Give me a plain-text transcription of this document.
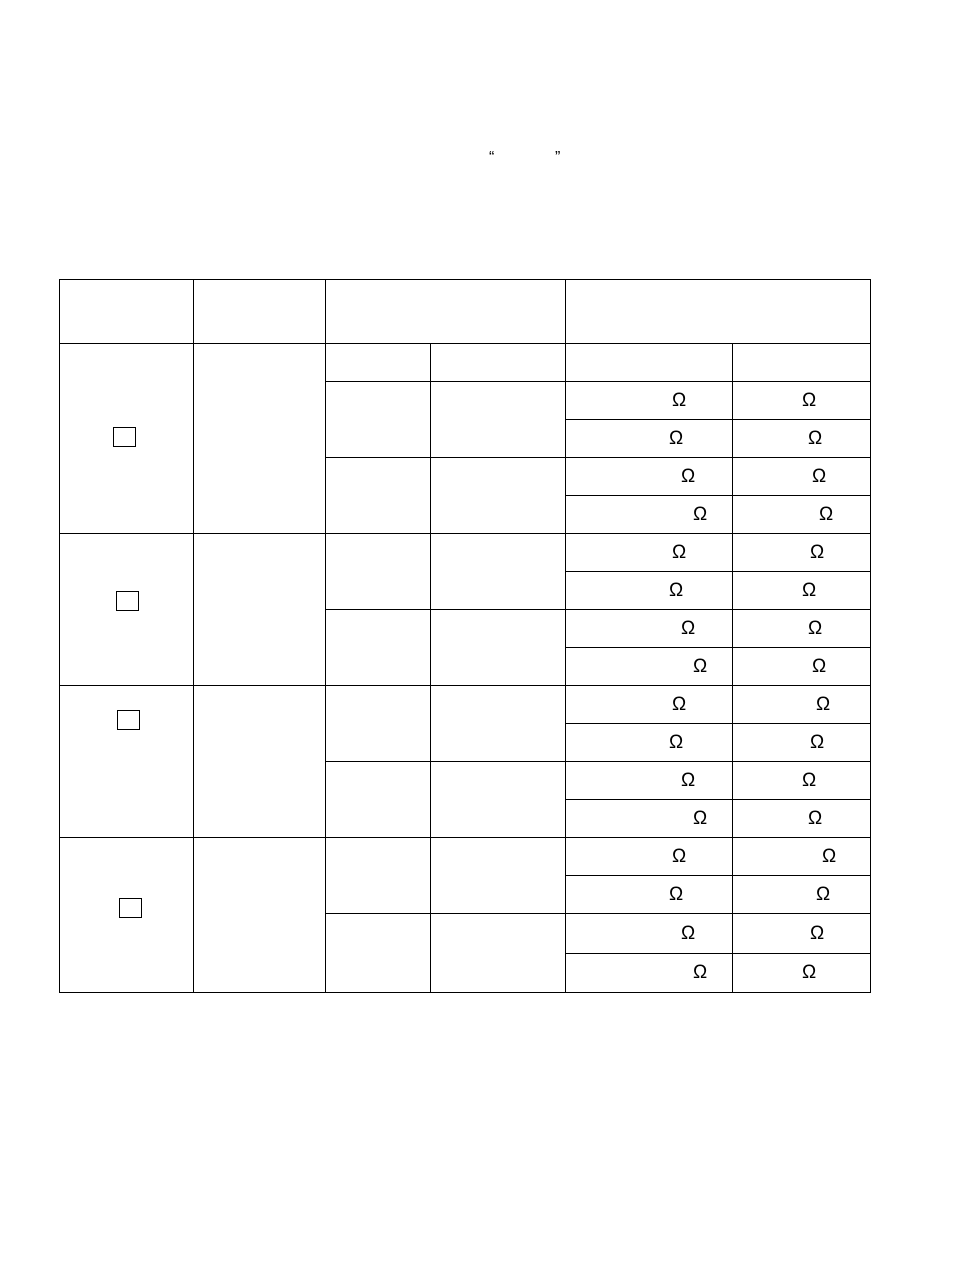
“	”

				Ω	Ω

				Ω	Ω

				Ω	Ω

				Ω	Ω

				Ω	Ω

				Ω	Ω

				Ω	Ω

				Ω	Ω

				Ω	Ω

				Ω	Ω

				Ω	Ω

				Ω	Ω

				Ω	Ω

				Ω	Ω

				Ω	Ω

				Ω	Ω
